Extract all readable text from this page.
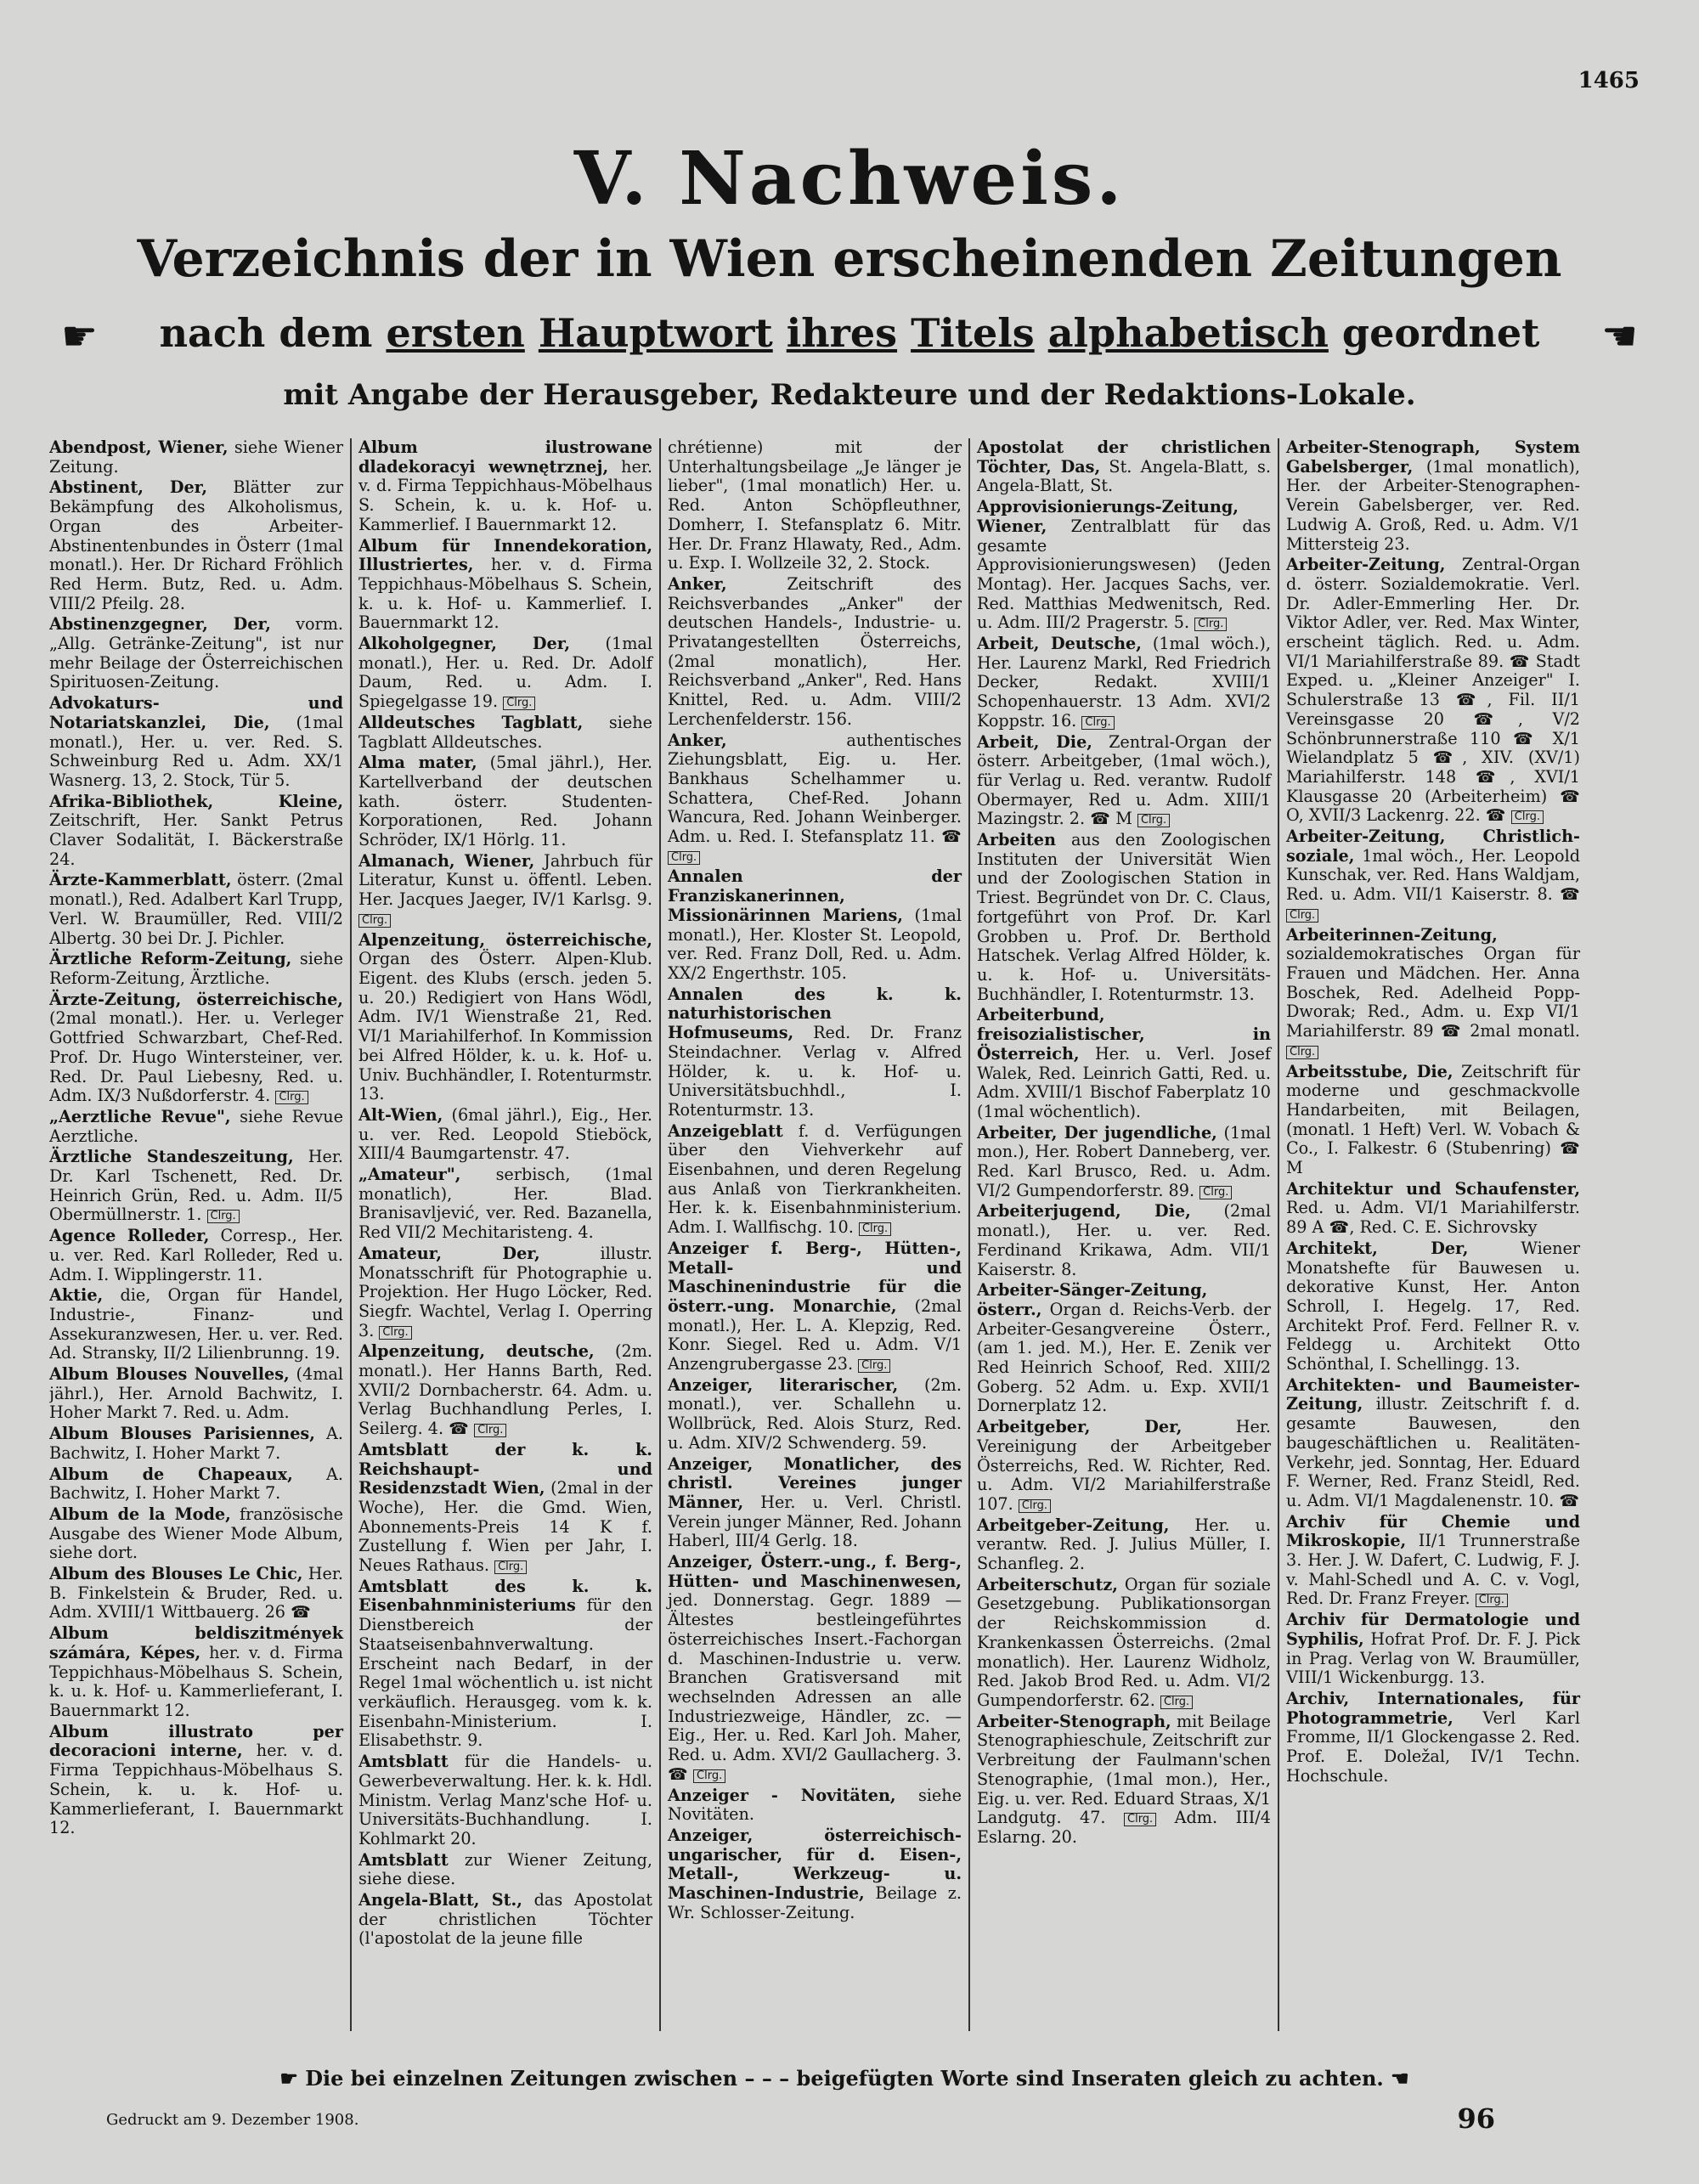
1465
V. Nachweis.
Verzeichnis der in Wien erscheinenden Zeitungen
☛	nach dem ersten Hauptwort ihres Titels alphabetisch geordnet	☚
mit Angabe der Herausgeber, Redakteure und der Redaktions-Lokale.

Abendpost, Wiener, siehe Wiener Zeitung.

Abstinent, Der, Blätter zur Bekämpfung des Alkoholismus, Organ des Arbeiter-Abstinentenbundes in Österr (1mal monatl.). Her. Dr Richard Fröhlich Red Herm. Butz, Red. u. Adm. VIII/2 Pfeilg. 28.

Abstinenzgegner, Der, vorm. „Allg. Getränke-Zeitung", ist nur mehr Beilage der Österreichischen Spirituosen-Zeitung.

Advokaturs- und Notariatskanzlei, Die, (1mal monatl.), Her. u. ver. Red. S. Schweinburg Red u. Adm. XX/1 Wasnerg. 13, 2. Stock, Tür 5.

Afrika-Bibliothek, Kleine, Zeitschrift, Her. Sankt Petrus Claver Sodalität, I. Bäckerstraße 24.

Ärzte-Kammerblatt, österr. (2mal monatl.), Red. Adalbert Karl Trupp, Verl. W. Braumüller, Red. VIII/2 Albertg. 30 bei Dr. J. Pichler.

Ärztliche Reform-Zeitung, siehe Reform-Zeitung, Ärztliche.

Ärzte-Zeitung, österreichische, (2mal monatl.). Her. u. Verleger Gottfried Schwarzbart, Chef-Red. Prof. Dr. Hugo Wintersteiner, ver. Red. Dr. Paul Liebesny, Red. u. Adm. IX/3 Nußdorferstr. 4. Clrg.

„Aerztliche Revue", siehe Revue Aerztliche.

Ärztliche Standeszeitung, Her. Dr. Karl Tschenett, Red. Dr. Heinrich Grün, Red. u. Adm. II/5 Obermüllnerstr. 1. Clrg.

Agence Rolleder, Corresp., Her. u. ver. Red. Karl Rolleder, Red u. Adm. I. Wipplingerstr. 11.

Aktie, die, Organ für Handel, Industrie-, Finanz- und Assekuranzwesen, Her. u. ver. Red. Ad. Stransky, II/2 Lilienbrunng. 19.

Album Blouses Nouvelles, (4mal jährl.), Her. Arnold Bachwitz, I. Hoher Markt 7. Red. u. Adm.

Album Blouses Parisiennes, A. Bachwitz, I. Hoher Markt 7.

Album de Chapeaux, A. Bachwitz, I. Hoher Markt 7.

Album de la Mode, französische Ausgabe des Wiener Mode Album, siehe dort.

Album des Blouses Le Chic, Her. B. Finkelstein & Bruder, Red. u. Adm. XVIII/1 Wittbauerg. 26 ☎

Album beldiszitmények számára, Képes, her. v. d. Firma Teppichhaus-Möbelhaus S. Schein, k. u. k. Hof- u. Kammerlieferant, I. Bauernmarkt 12.

Album illustrato per decoracioni interne, her. v. d. Firma Teppichhaus-Möbelhaus S. Schein, k. u. k. Hof- u. Kammerlieferant, I. Bauernmarkt 12.

Album ilustrowane dladekoracyi wewnętrznej, her. v. d. Firma Teppichhaus-Möbelhaus S. Schein, k. u. k. Hof- u. Kammerlief. I Bauernmarkt 12.

Album für Innendekoration, Illustriertes, her. v. d. Firma Teppichhaus-Möbelhaus S. Schein, k. u. k. Hof- u. Kammerlief. I. Bauernmarkt 12.

Alkoholgegner, Der, (1mal monatl.), Her. u. Red. Dr. Adolf Daum, Red. u. Adm. I. Spiegelgasse 19. Clrg.

Alldeutsches Tagblatt, siehe Tagblatt Alldeutsches.

Alma mater, (5mal jährl.), Her. Kartellverband der deutschen kath. österr. Studenten-Korporationen, Red. Johann Schröder, IX/1 Hörlg. 11.

Almanach, Wiener, Jahrbuch für Literatur, Kunst u. öffentl. Leben. Her. Jacques Jaeger, IV/1 Karlsg. 9. Clrg.

Alpenzeitung, österreichische, Organ des Österr. Alpen-Klub. Eigent. des Klubs (ersch. jeden 5. u. 20.) Redigiert von Hans Wödl, Adm. IV/1 Wienstraße 21, Red. VI/1 Mariahilferhof. In Kommission bei Alfred Hölder, k. u. k. Hof- u. Univ. Buchhändler, I. Rotenturmstr. 13.

Alt-Wien, (6mal jährl.), Eig., Her. u. ver. Red. Leopold Stieböck, XIII/4 Baumgartenstr. 47.

„Amateur", serbisch, (1mal monatlich), Her. Blad. Branisavljević, ver. Red. Bazanella, Red VII/2 Mechitaristeng. 4.

Amateur, Der,	illustr. Monatsschrift für Photographie u. Projektion. Her Hugo Löcker, Red. Siegfr. Wachtel, Verlag I. Operring 3. Clrg.

Alpenzeitung, deutsche, (2m. monatl.). Her Hanns Barth, Red. XVII/2 Dornbacherstr. 64. Adm. u. Verlag Buchhandlung Perles, I. Seilerg. 4. ☎ Clrg.

Amtsblatt der k. k. Reichshaupt- und Residenzstadt Wien, (2mal in der Woche), Her. die Gmd. Wien, Abonnements-Preis 14 K f. Zustellung f. Wien per Jahr, I. Neues Rathaus. Clrg.

Amtsblatt des k. k. Eisenbahnministeriums für den Dienstbereich der Staatseisenbahnverwaltung. Erscheint nach Bedarf, in der Regel 1mal wöchentlich u. ist nicht verkäuflich. Herausgeg. vom k. k. Eisenbahn-Ministerium. I. Elisabethstr. 9.

Amtsblatt für die Handels- u. Gewerbeverwaltung. Her. k. k. Hdl. Ministm. Verlag Manz'sche Hof- u. Universitäts-Buchhandlung. I. Kohlmarkt 20.

Amtsblatt zur Wiener Zeitung, siehe diese.

Angela-Blatt, St., das Apostolat der christlichen Töchter (l'apostolat de la jeune fille

chrétienne) mit der Unterhaltungsbeilage „Je länger je lieber", (1mal monatlich) Her. u. Red. Anton Schöpfleuthner, Domherr, I. Stefansplatz 6. Mitr. Her. Dr. Franz Hlawaty, Red., Adm. u. Exp. I. Wollzeile 32, 2. Stock.

Anker,	Zeitschrift des Reichsverbandes „Anker" der deutschen Handels-, Industrie- u. Privatangestellten Österreichs, (2mal monatlich), Her. Reichsverband „Anker", Red. Hans Knittel, Red. u. Adm. VIII/2 Lerchenfelderstr. 156.

Anker,	authentisches Ziehungsblatt, Eig. u. Her. Bankhaus Schelhammer u. Schattera, Chef-Red. Johann Wancura, Red. Johann Weinberger. Adm. u. Red. I. Stefansplatz 11. ☎ Clrg.

Annalen der Franziskanerinnen, Missionärinnen Mariens, (1mal monatl.), Her. Kloster St. Leopold, ver. Red. Franz Doll, Red. u. Adm. XX/2 Engerthstr. 105.

Annalen des k. k. naturhistorischen Hofmuseums, Red. Dr. Franz Steindachner. Verlag v. Alfred Hölder, k. u. k. Hof- u. Universitätsbuchhdl., I. Rotenturmstr. 13.

Anzeigeblatt f. d. Verfügungen über den Viehverkehr auf Eisenbahnen, und deren Regelung aus Anlaß von Tierkrankheiten. Her. k. k. Eisenbahnministerium. Adm. I. Wallfischg. 10. Clrg.

Anzeiger f. Berg-, Hütten-, Metall- und Maschinenindustrie für die österr.-ung. Monarchie, (2mal monatl.), Her. L. A. Klepzig, Red. Konr. Siegel. Red u. Adm. V/1 Anzengrubergasse 23. Clrg.

Anzeiger, literarischer, (2m. monatl.), ver. Schallehn u. Wollbrück, Red. Alois Sturz, Red. u. Adm. XIV/2 Schwenderg. 59.

Anzeiger, Monatlicher, des christl. Vereines junger Männer, Her. u. Verl. Christl. Verein junger Männer, Red. Johann Haberl, III/4 Gerlg. 18.

Anzeiger, Österr.-ung., f. Berg-, Hütten- und Maschinenwesen, jed. Donnerstag. Gegr. 1889 — Ältestes bestleingeführtes österreichisches Insert.-Fachorgan d. Maschinen-Industrie u. verw. Branchen Gratisversand mit wechselnden Adressen an alle Industriezweige, Händler, zc. — Eig., Her. u. Red. Karl Joh. Maher, Red. u. Adm. XVI/2 Gaullacherg. 3. ☎ Clrg.

Anzeiger - Novitäten, siehe Novitäten.

Anzeiger, österreichisch-ungarischer, für d. Eisen-, Metall-, Werkzeug- u. Maschinen-Industrie, Beilage z. Wr. Schlosser-Zeitung.

Apostolat der christlichen Töchter, Das, St. Angela-Blatt, s. Angela-Blatt, St.

Approvisionierungs-Zeitung, Wiener, Zentralblatt für das gesamte Approvisionierungswesen) (Jeden Montag). Her. Jacques Sachs, ver. Red. Matthias Medwenitsch, Red. u. Adm. III/2 Pragerstr. 5. Clrg.

Arbeit, Deutsche, (1mal wöch.), Her. Laurenz Markl, Red Friedrich Decker, Redakt. XVIII/1 Schopenhauerstr. 13 Adm. XVI/2 Koppstr. 16. Clrg.

Arbeit, Die, Zentral-Organ der österr. Arbeitgeber, (1mal wöch.), für Verlag u. Red. verantw. Rudolf Obermayer, Red u. Adm. XIII/1 Mazingstr. 2. ☎ M Clrg.

Arbeiten aus den Zoologischen Instituten der Universität Wien und der Zoologischen Station in Triest. Begründet von Dr. C. Claus, fortgeführt von Prof. Dr. Karl Grobben u. Prof. Dr. Berthold Hatschek. Verlag Alfred Hölder, k. u. k. Hof- u. Universitäts-Buchhändler, I. Rotenturmstr. 13.

Arbeiterbund, freisozialistischer, in Österreich, Her. u. Verl. Josef Walek, Red. Leinrich Gatti, Red. u. Adm. XVIII/1 Bischof Faberplatz 10 (1mal wöchentlich).

Arbeiter, Der jugendliche, (1mal mon.), Her. Robert Danneberg, ver. Red. Karl Brusco, Red. u. Adm. VI/2 Gumpendorferstr. 89. Clrg.

Arbeiterjugend, Die, (2mal monatl.), Her. u. ver. Red. Ferdinand Krikawa, Adm. VII/1 Kaiserstr. 8.

Arbeiter-Sänger-Zeitung, österr., Organ d. Reichs-Verb. der Arbeiter-Gesangvereine Österr., (am 1. jed. M.), Her. E. Zenik ver Red Heinrich Schoof, Red. XIII/2 Goberg. 52 Adm. u. Exp. XVII/1 Dornerplatz 12.

Arbeitgeber, Der,	Her. Vereinigung der Arbeitgeber Österreichs, Red. W. Richter, Red. u. Adm. VI/2 Mariahilferstraße 107. Clrg.

Arbeitgeber-Zeitung, Her. u. verantw. Red. J. Julius Müller, I. Schanfleg. 2.

Arbeiterschutz, Organ für soziale Gesetzgebung. Publikationsorgan der Reichskommission d. Krankenkassen Österreichs. (2mal monatlich). Her. Laurenz Widholz, Red. Jakob Brod Red. u. Adm. VI/2 Gumpendorferstr. 62. Clrg.

Arbeiter-Stenograph, mit Beilage Stenographieschule, Zeitschrift zur Verbreitung der Faulmann'schen Stenographie, (1mal mon.), Her., Eig. u. ver. Red. Eduard Straas, X/1 Landgutg. 47. Clrg. Adm. III/4 Eslarng. 20.

Arbeiter-Stenograph, System Gabelsberger, (1mal monatlich), Her. der Arbeiter-Stenographen-Verein Gabelsberger, ver. Red. Ludwig A. Groß, Red. u. Adm. V/1 Mittersteig 23.

Arbeiter-Zeitung, Zentral-Organ d. österr. Sozialdemokratie. Verl. Dr. Adler-Emmerling Her. Dr. Viktor Adler, ver. Red. Max Winter, erscheint täglich. Red. u. Adm. VI/1 Mariahilferstraße 89. ☎ Stadt Exped. u. „Kleiner Anzeiger" I. Schulerstraße 13 ☎, Fil. II/1 Vereinsgasse 20 ☎, V/2 Schönbrunnerstraße 110 ☎ X/1 Wielandplatz 5 ☎, XIV. (XV/1) Mariahilferstr. 148 ☎, XVI/1 Klausgasse 20 (Arbeiterheim) ☎ O, XVII/3 Lackenrg. 22. ☎ Clrg.

Arbeiter-Zeitung, Christlich-soziale, 1mal wöch., Her. Leopold Kunschak, ver. Red. Hans Waldjam, Red. u. Adm. VII/1 Kaiserstr. 8. ☎ Clrg.

Arbeiterinnen-Zeitung, sozialdemokratisches Organ für Frauen und Mädchen. Her. Anna Boschek, Red. Adelheid Popp-Dworak; Red., Adm. u. Exp VI/1 Mariahilferstr. 89 ☎ 2mal monatl. Clrg.

Arbeitsstube, Die, Zeitschrift für moderne und geschmackvolle Handarbeiten, mit Beilagen, (monatl. 1 Heft) Verl. W. Vobach & Co., I. Falkestr. 6 (Stubenring) ☎ M

Architektur und Schaufenster, Red. u. Adm. VI/1 Mariahilferstr. 89 A ☎, Red. C. E. Sichrovsky

Architekt, Der,	Wiener Monatshefte für Bauwesen u. dekorative Kunst, Her. Anton Schroll, I. Hegelg. 17, Red. Architekt Prof. Ferd. Fellner R. v. Feldegg u. Architekt Otto Schönthal, I. Schellingg. 13.

Architekten- und Baumeister-Zeitung, illustr. Zeitschrift f. d. gesamte Bauwesen, den baugeschäftlichen u. Realitäten-Verkehr, jed. Sonntag, Her. Eduard F. Werner, Red. Franz Steidl, Red. u. Adm. VI/1 Magdalenenstr. 10. ☎

Archiv für Chemie und Mikroskopie, II/1 Trunnerstraße 3. Her. J. W. Dafert, C. Ludwig, F. J. v. Mahl-Schedl und A. C. v. Vogl, Red. Dr. Franz Freyer. Clrg.

Archiv für Dermatologie und Syphilis, Hofrat Prof. Dr. F. J. Pick in Prag. Verlag von W. Braumüller, VIII/1 Wickenburgg. 13.

Archiv, Internationales, für Photogrammetrie, Verl Karl Fromme, II/1 Glockengasse 2. Red. Prof. E. Doležal, IV/1 Techn. Hochschule.

☛ Die bei einzelnen Zeitungen zwischen – – – beigefügten Worte sind Inseraten gleich zu achten. ☚
Gedruckt am 9. Dezember 1908.	96
